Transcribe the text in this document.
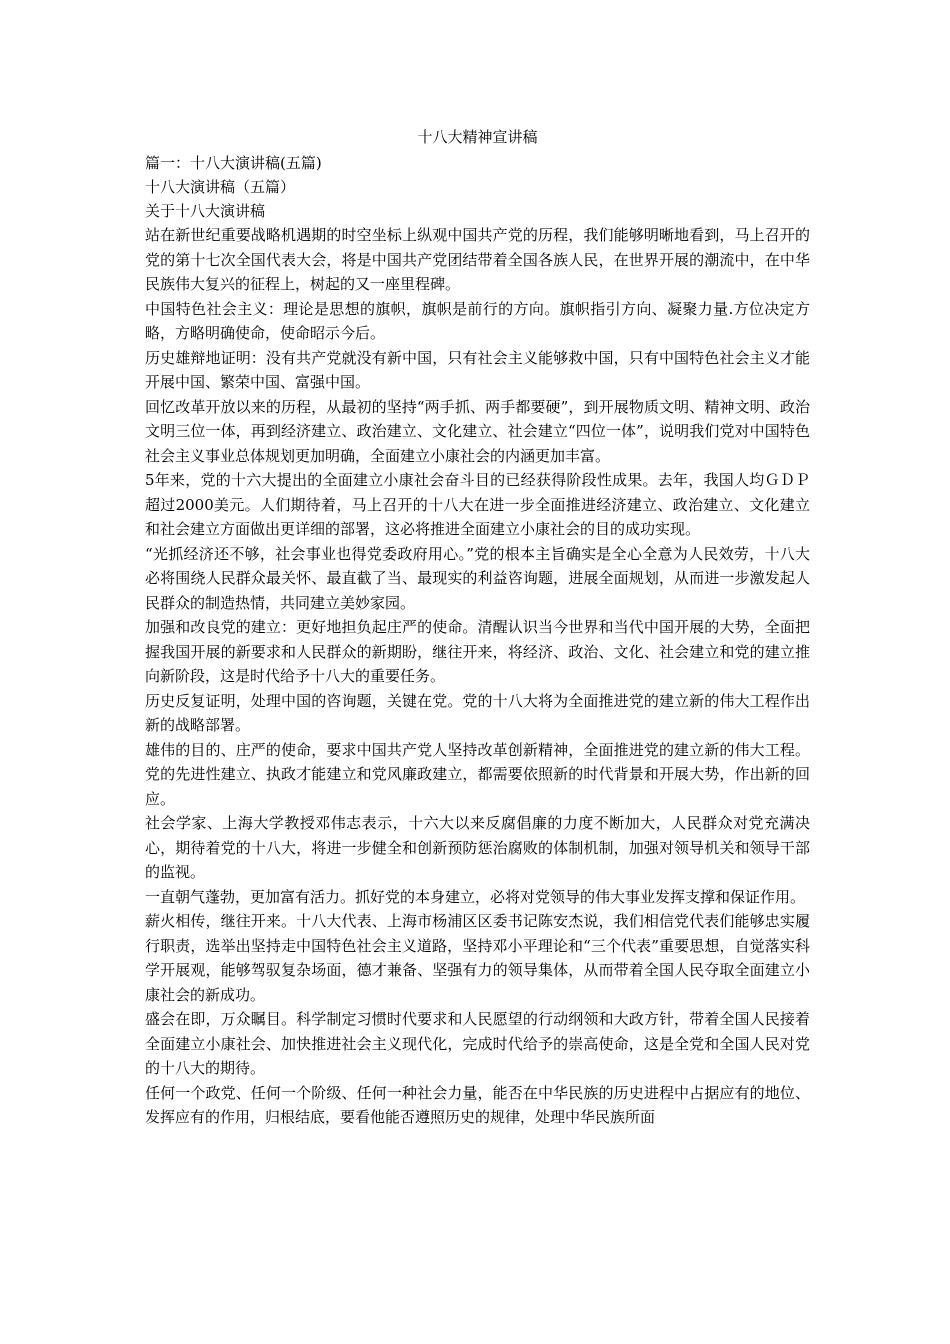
十八大精神宣讲稿
篇一：十八大演讲稿(五篇)
十八大演讲稿（五篇）
关于十八大演讲稿

站在新世纪重要战略机遇期的时空坐标上纵观中国共产党的历程，我们能够明晰地看到，马上召开的党的第十七次全国代表大会，将是中国共产党团结带着全国各族人民，在世界开展的潮流中，在中华民族伟大复兴的征程上，树起的又一座里程碑。

中国特色社会主义：理论是思想的旗帜，旗帜是前行的方向。旗帜指引方向、凝聚力量.方位决定方略，方略明确使命，使命昭示今后。

历史雄辩地证明：没有共产党就没有新中国，只有社会主义能够救中国，只有中国特色社会主义才能开展中国、繁荣中国、富强中国。

回忆改革开放以来的历程，从最初的坚持“两手抓、两手都要硬”，到开展物质文明、精神文明、政治文明三位一体，再到经济建立、政治建立、文化建立、社会建立“四位一体”，说明我们党对中国特色社会主义事业总体规划更加明确，全面建立小康社会的内涵更加丰富。

5年来，党的十六大提出的全面建立小康社会奋斗目的已经获得阶段性成果。去年，我国人均ＧＤＰ超过2000美元。人们期待着，马上召开的十八大在进一步全面推进经济建立、政治建立、文化建立和社会建立方面做出更详细的部署，这必将推进全面建立小康社会的目的成功实现。

“光抓经济还不够，社会事业也得党委政府用心。”党的根本主旨确实是全心全意为人民效劳，十八大必将围绕人民群众最关怀、最直截了当、最现实的利益咨询题，进展全面规划，从而进一步激发起人民群众的制造热情，共同建立美妙家园。

加强和改良党的建立：更好地担负起庄严的使命。清醒认识当今世界和当代中国开展的大势，全面把握我国开展的新要求和人民群众的新期盼，继往开来，将经济、政治、文化、社会建立和党的建立推向新阶段，这是时代给予十八大的重要任务。

历史反复证明，处理中国的咨询题，关键在党。党的十八大将为全面推进党的建立新的伟大工程作出新的战略部署。

雄伟的目的、庄严的使命，要求中国共产党人坚持改革创新精神，全面推进党的建立新的伟大工程。党的先进性建立、执政才能建立和党风廉政建立，都需要依照新的时代背景和开展大势，作出新的回应。

社会学家、上海大学教授邓伟志表示，十六大以来反腐倡廉的力度不断加大，人民群众对党充满决心，期待着党的十八大，将进一步健全和创新预防惩治腐败的体制机制，加强对领导机关和领导干部的监视。

一直朝气蓬勃，更加富有活力。抓好党的本身建立，必将对党领导的伟大事业发挥支撑和保证作用。

薪火相传，继往开来。十八大代表、上海市杨浦区区委书记陈安杰说，我们相信党代表们能够忠实履行职责，选举出坚持走中国特色社会主义道路，坚持邓小平理论和“三个代表”重要思想，自觉落实科学开展观，能够驾驭复杂场面，德才兼备、坚强有力的领导集体，从而带着全国人民夺取全面建立小康社会的新成功。

盛会在即，万众瞩目。科学制定习惯时代要求和人民愿望的行动纲领和大政方针，带着全国人民接着全面建立小康社会、加快推进社会主义现代化，完成时代给予的崇高使命，这是全党和全国人民对党的十八大的期待。

任何一个政党、任何一个阶级、任何一种社会力量，能否在中华民族的历史进程中占据应有的地位、发挥应有的作用，归根结底，要看他能否遵照历史的规律，处理中华民族所面
